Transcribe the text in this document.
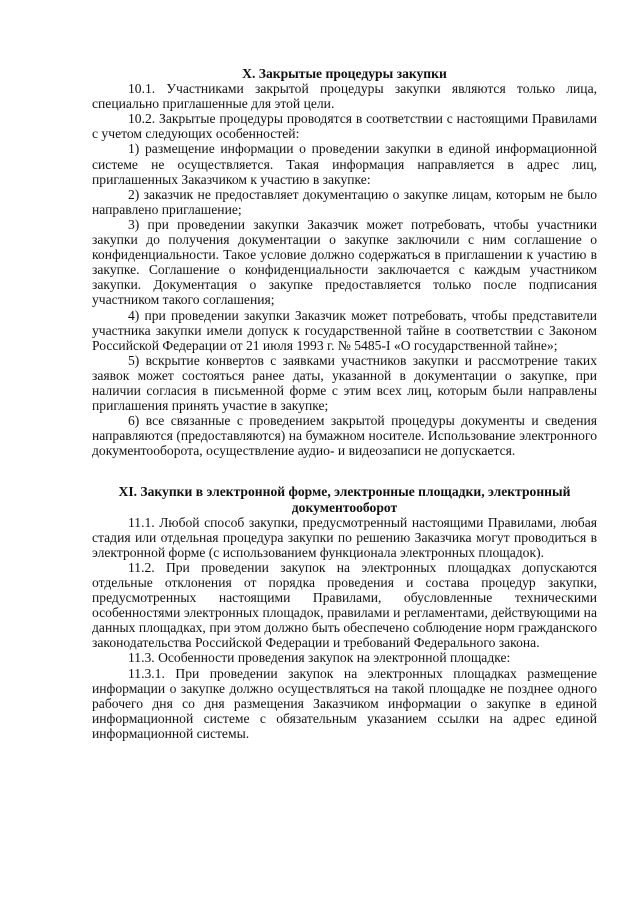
X. Закрытые процедуры закупки

10.1. Участниками закрытой процедуры закупки являются только лица, специально приглашенные для этой цели.

10.2. Закрытые процедуры проводятся в соответствии с настоящими Правилами с учетом следующих особенностей:

1) размещение информации о проведении закупки в единой информационной системе не осуществляется. Такая информация направляется в адрес лиц, приглашенных Заказчиком к участию в закупке:

2) заказчик не предоставляет документацию о закупке лицам, которым не было направлено приглашение;

3) при проведении закупки Заказчик может потребовать, чтобы участники закупки до получения документации о закупке заключили с ним соглашение о конфиденциальности. Такое условие должно содержаться в приглашении к участию в закупке. Соглашение о конфиденциальности заключается с каждым участником закупки. Документация о закупке предоставляется только после подписания участником такого соглашения;

4) при проведении закупки Заказчик может потребовать, чтобы представители участника закупки имели допуск к государственной тайне в соответствии с Законом Российской Федерации от 21 июля 1993 г. № 5485-I «О государственной тайне»;

5) вскрытие конвертов с заявками участников закупки и рассмотрение таких заявок может состояться ранее даты, указанной в документации о закупке, при наличии согласия в письменной форме с этим всех лиц, которым были направлены приглашения принять участие в закупке;

6) все связанные с проведением закрытой процедуры документы и сведения направляются (предоставляются) на бумажном носителе. Использование электронного документооборота, осуществление аудио- и видеозаписи не допускается.

XI. Закупки в электронной форме, электронные площадки, электронный документооборот

11.1. Любой способ закупки, предусмотренный настоящими Правилами, любая стадия или отдельная процедура закупки по решению Заказчика могут проводиться в электронной форме (с использованием функционала электронных площадок).

11.2. При проведении закупок на электронных площадках допускаются отдельные отклонения от порядка проведения и состава процедур закупки, предусмотренных настоящими Правилами, обусловленные техническими особенностями электронных площадок, правилами и регламентами, действующими на данных площадках, при этом должно быть обеспечено соблюдение норм гражданского законодательства Российской Федерации и требований Федерального закона.

11.3. Особенности проведения закупок на электронной площадке:

11.3.1. При проведении закупок на электронных площадках размещение информации о закупке должно осуществляться на такой площадке не позднее одного рабочего дня со дня размещения Заказчиком информации о закупке в единой информационной системе с обязательным указанием ссылки на адрес единой информационной системы.
